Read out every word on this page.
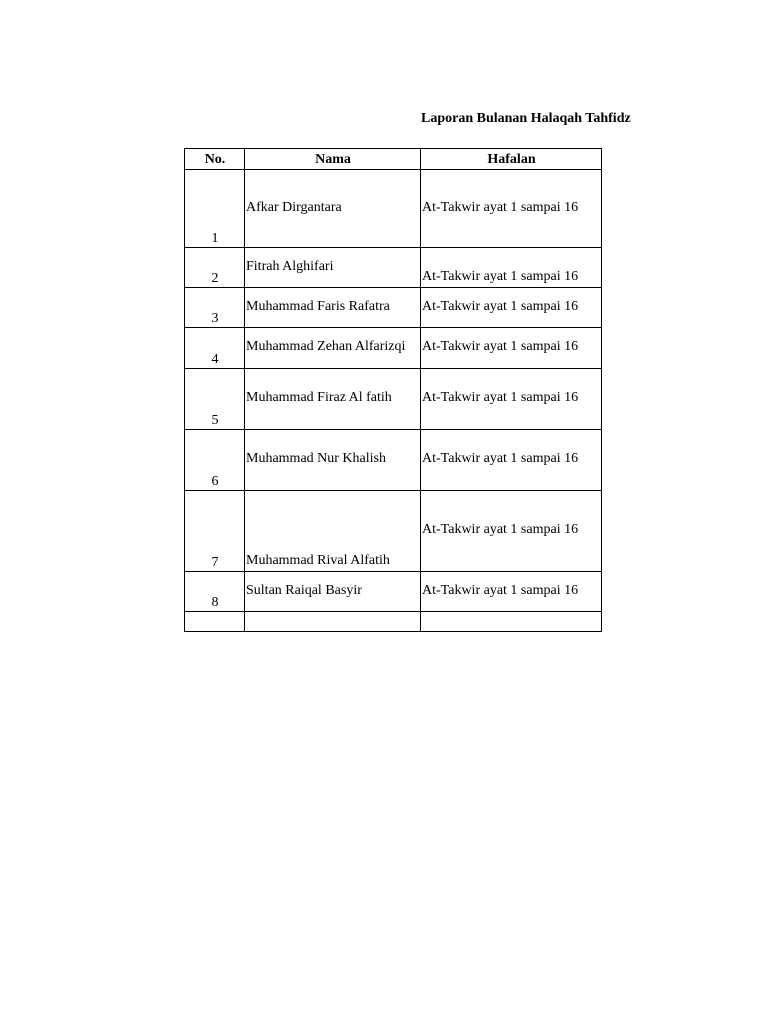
Laporan Bulanan Halaqah Tahfidz
No.	Nama	Hafalan
1	Afkar Dirgantara	At-Takwir ayat 1 sampai 16

2	Fitrah Alghifari	At-Takwir ayat 1 sampai 16

3	Muhammad Faris Rafatra	At-Takwir ayat 1 sampai 16

4	Muhammad Zehan Alfarizqi	At-Takwir ayat 1 sampai 16

5	Muhammad Firaz Al fatih	At-Takwir ayat 1 sampai 16

6	Muhammad Nur Khalish	At-Takwir ayat 1 sampai 16

7	Muhammad Rival Alfatih	At-Takwir ayat 1 sampai 16

8	Sultan Raiqal Basyir	At-Takwir ayat 1 sampai 16
